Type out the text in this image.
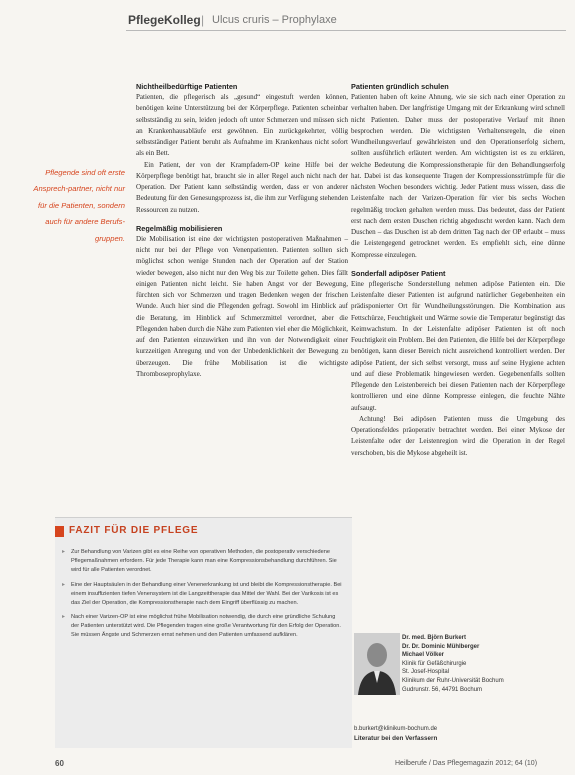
PflegeKolleg | Ulcus cruris – Prophylaxe
Pflegende sind oft erste Ansprech-partner, nicht nur für die Patienten, sondern auch für andere Berufs-gruppen.
Nichtheilbedürftige Patienten

Patienten, die pflegerisch als „gesund“ eingestuft werden können, benötigen keine Unterstützung bei der Körperpflege. Patienten scheinbar selbstständig zu sein, leiden jedoch oft unter Schmerzen und müssen sich an Krankenhausabläufe erst gewöhnen. Ein zurückgekehrter, völlig selbstständiger Patient beruht als Aufnahme im Krankenhaus nicht sofort als ein Bett.

Ein Patient, der von der Krampfadern-OP keine Hilfe bei der Körperpflege benötigt hat, braucht sie in aller Regel auch nicht nach der Operation. Der Patient kann selbständig werden, dass er von anderer Bedeutung für den Genesungsprozess ist, die ihm zur Verfügung stehenden Ressourcen zu nutzen.

Regelmäßig mobilisieren

Die Mobilisation ist eine der wichtigsten postoperativen Maßnahmen – nicht nur bei der Pflege von Venenpatienten. Patienten sollten sich möglichst schon wenige Stunden nach der Operation auf der Station wieder bewegen, also nicht nur den Weg bis zur Toilette gehen. Dies fällt einigen Patienten nicht leicht. Sie haben Angst vor der Bewegung, fürchten sich vor Schmerzen und tragen Bedenken wegen der frischen Wunde. Auch hier sind die Pflegenden gefragt. Sowohl im Hinblick auf die Beratung, im Hinblick auf Schmerzmittel verordnet, aber die Pflegenden haben durch die Nähe zum Patienten viel eher die Möglichkeit, auf den Patienten einzuwirken und ihn von der Notwendigkeit einer kurzzeitigen Anregung und von der Unbedenklichkeit der Bewegung zu überzeugen. Die frühe Mobilisation ist die wichtigste Thromboseprophylaxe.

Patienten gründlich schulen

Patienten haben oft keine Ahnung, wie sie sich nach einer Operation zu verhalten haben. Der langfristige Umgang mit der Erkrankung wird schnell nicht Patienten. Daher muss der postoperative Verlauf mit ihnen besprochen werden. Die wichtigsten Verhaltensregeln, die einen Wundheilungsverlauf gewährleisten und den Operationserfolg sichern, sollten ausführlich erläutert werden. Am wichtigsten ist es zu erklären, welche Bedeutung die Kompressionstherapie für den Behandlungserfolg hat. Dabei ist das konsequente Tragen der Kompressionsstrümpfe für die nächsten Wochen besonders wichtig. Jeder Patient muss wissen, dass die Leistenfalte nach der Varizen-Operation für vier bis sechs Wochen regelmäßig trocken gehalten werden muss. Das bedeutet, dass der Patient erst nach dem ersten Duschen richtig abgeduscht werden kann. Nach dem Duschen – das Duschen ist ab dem dritten Tag nach der OP erlaubt – muss die Leistengegend getrocknet werden. Es empfiehlt sich, eine dünne Kompresse einzulegen.

Sonderfall adipöser Patient

Eine pflegerische Sonderstellung nehmen adipöse Patienten ein. Die Leistenfalte dieser Patienten ist aufgrund natürlicher Gegebenheiten ein prädisponierter Ort für Wundheilungsstörungen. Die Kombination aus Fettschürze, Feuchtigkeit und Wärme sowie die Temperatur begünstigt das Keimwachstum. In der Leistenfalte adipöser Patienten ist oft noch Feuchtigkeit ein Problem. Bei den Patienten, die Hilfe bei der Körperpflege benötigen, kann dieser Bereich nicht ausreichend kontrolliert werden. Der adipöse Patient, der sich selbst versorgt, muss auf seine Hygiene achten und auf diese Problematik hingewiesen werden. Gegebenenfalls sollten Pflegende den Leistenbereich bei diesen Patienten nach der Körperpflege kontrollieren und eine dünne Kompresse einlegen, die feuchte Nähte aufsaugt.

Achtung! Bei adipösen Patienten muss die Umgebung des Operationsfeldes präoperativ betrachtet werden. Bei einer Mykose der Leistenfalte oder der Leistenregion wird die Operation in der Regel verschoben, bis die Mykose abgeheilt ist.

FAZIT FÜR DIE PFLEGE
▸ Zur Behandlung von Varizen gibt es eine Reihe von operativen Methoden, die postoperativ verschiedene Pflegemaßnahmen erfordern. Für jede Therapie kann man eine Kompressionsbehandlung durchführen. Sie wird für alle Patienten verordnet.
▸ Eine der Hauptsäulen in der Behandlung einer Venenerkrankung ist und bleibt die Kompressionstherapie. Bei einem insuffizienten tiefen Venensystem ist die Langzeittherapie das Mittel der Wahl. Bei der Varikosis ist es das Ziel der Operation, die Kompressionstherapie nach dem Eingriff überflüssig zu machen.
▸ Nach einer Varizen-OP ist eine möglichst frühe Mobilisation notwendig, die durch eine gründliche Schulung der Patienten unterstützt wird. Die Pflegenden tragen eine große Verantwortung für den Erfolg der Operation. Sie müssen Ängste und Schmerzen ernst nehmen und den Patienten umfassend aufklären.	Dr. med. Björn Burkert
Dr. Dr. Dominic Mühlberger
Michael Völker
Klinik für Gefäßchirurgie
St. Josef-Hospital
Klinikum der Ruhr-Universität Bochum
Gudrunstr. 56, 44791 Bochum
b.burkert@klinikum-bochum.de
Literatur bei den Verfassern
60	Heilberufe / Das Pflegemagazin 2012; 64 (10)
